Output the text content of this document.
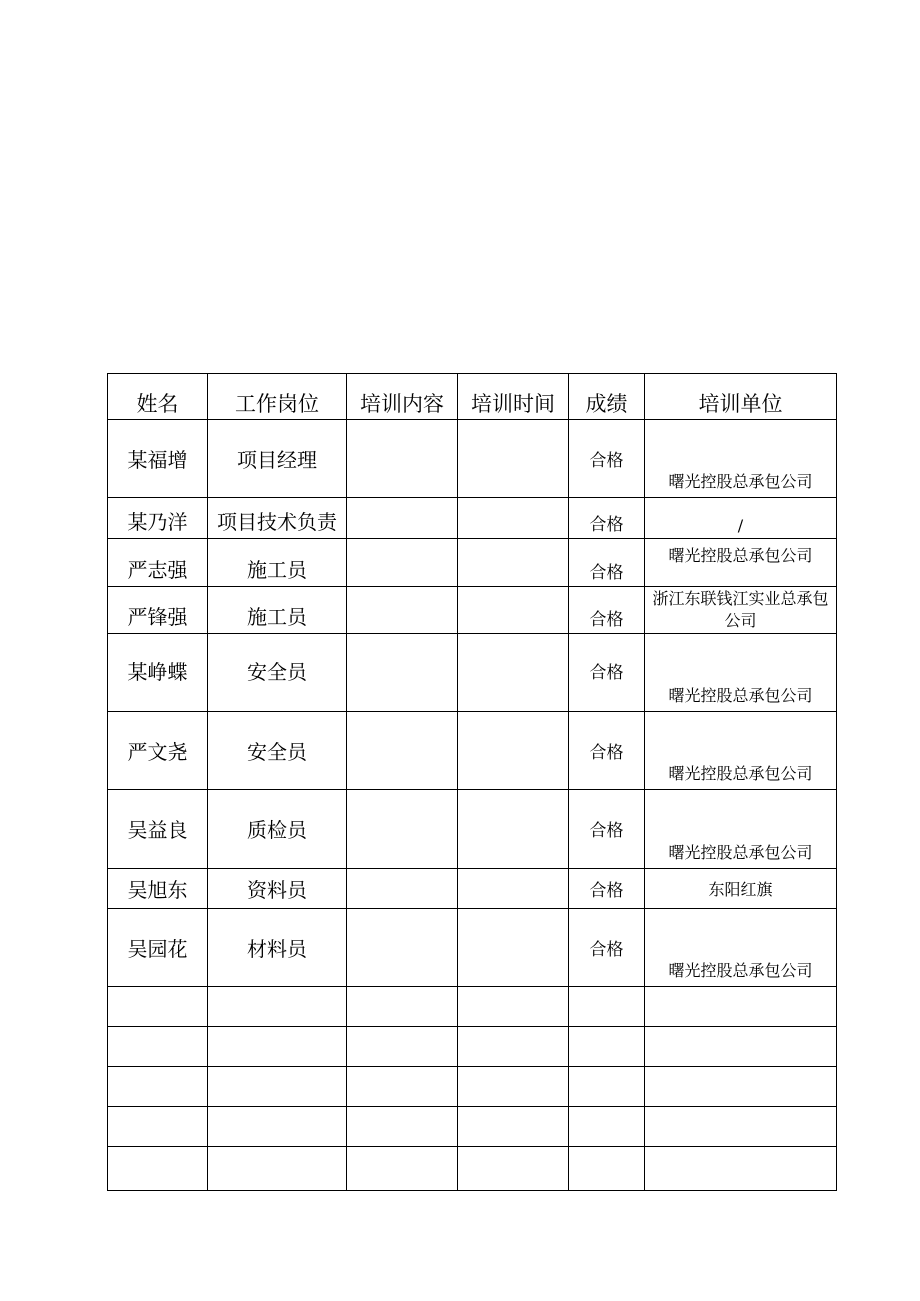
姓名	工作岗位	培训内容	培训时间	成绩	培训单位
某福增	项目经理			合格	曙光控股总承包公司
某乃洋	项目技术负责			合格	/
严志强	施工员			合格	曙光控股总承包公司
严锋强	施工员			合格	浙江东联钱江实业总承包公司
某峥蝶	安全员			合格	曙光控股总承包公司
严文尧	安全员			合格	曙光控股总承包公司
吴益良	质检员			合格	曙光控股总承包公司
吴旭东	资料员			合格	东阳红旗
吴园花	材料员			合格	曙光控股总承包公司
